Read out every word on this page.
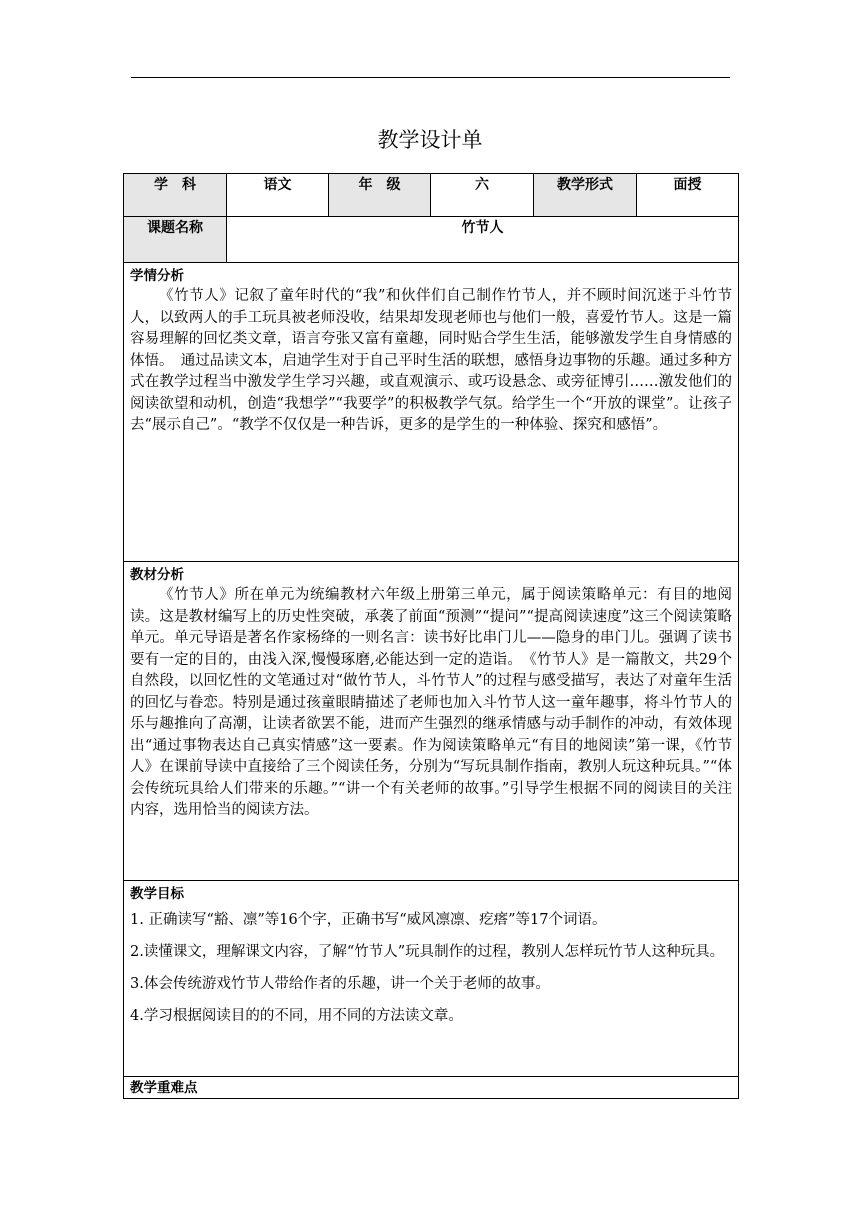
教学设计单
学　科	语文	年　级	六	教学形式	面授
课题名称	竹节人				

学情分析

《竹节人》记叙了童年时代的“我”和伙伴们自己制作竹节人，并不顾时间沉迷于斗竹节人，以致两人的手工玩具被老师没收，结果却发现老师也与他们一般，喜爱竹节人。这是一篇容易理解的回忆类文章，语言夸张又富有童趣，同时贴合学生生活，能够激发学生自身情感的体悟。　通过品读文本，启迪学生对于自己平时生活的联想，感悟身边事物的乐趣。通过多种方式在教学过程当中激发学生学习兴趣，或直观演示、或巧设悬念、或旁征博引……激发他们的阅读欲望和动机，创造“我想学”“我要学”的积极教学气氛。给学生一个“开放的课堂”。让孩子去“展示自己”。“教学不仅仅是一种告诉，更多的是学生的一种体验、探究和感悟”。					

教材分析

《竹节人》所在单元为统编教材六年级上册第三单元，属于阅读策略单元：有目的地阅读。这是教材编写上的历史性突破，承袭了前面“预测”“提问”“提高阅读速度”这三个阅读策略单元。单元导语是著名作家杨绛的一则名言：读书好比串门儿——隐身的串门儿。强调了读书要有一定的目的，由浅入深,慢慢琢磨,必能达到一定的造诣。　《竹节人》是一篇散文，共29个自然段，以回忆性的文笔通过对“做竹节人，斗竹节人”的过程与感受描写，表达了对童年生活的回忆与眷恋。特别是通过孩童眼睛描述了老师也加入斗竹节人这一童年趣事，将斗竹节人的乐与趣推向了高潮，让读者欲罢不能，进而产生强烈的继承情感与动手制作的冲动，有效体现出“通过事物表达自己真实情感”这一要素。作为阅读策略单元“有目的地阅读”第一课，《竹节人》在课前导读中直接给了三个阅读任务，分别为“写玩具制作指南，教别人玩这种玩具。”“体会传统玩具给人们带来的乐趣。”“讲一个有关老师的故事。”引导学生根据不同的阅读目的关注内容，选用恰当的阅读方法。					

教学目标

1. 正确读写“豁、凛”等16个字，正确书写“威风凛凛、疙瘩”等17个词语。

2.读懂课文，理解课文内容，了解“竹节人”玩具制作的过程，教别人怎样玩竹节人这种玩具。

3.体会传统游戏竹节人带给作者的乐趣，讲一个关于老师的故事。

4.学习根据阅读目的的不同，用不同的方法读文章。					

教学重难点					
